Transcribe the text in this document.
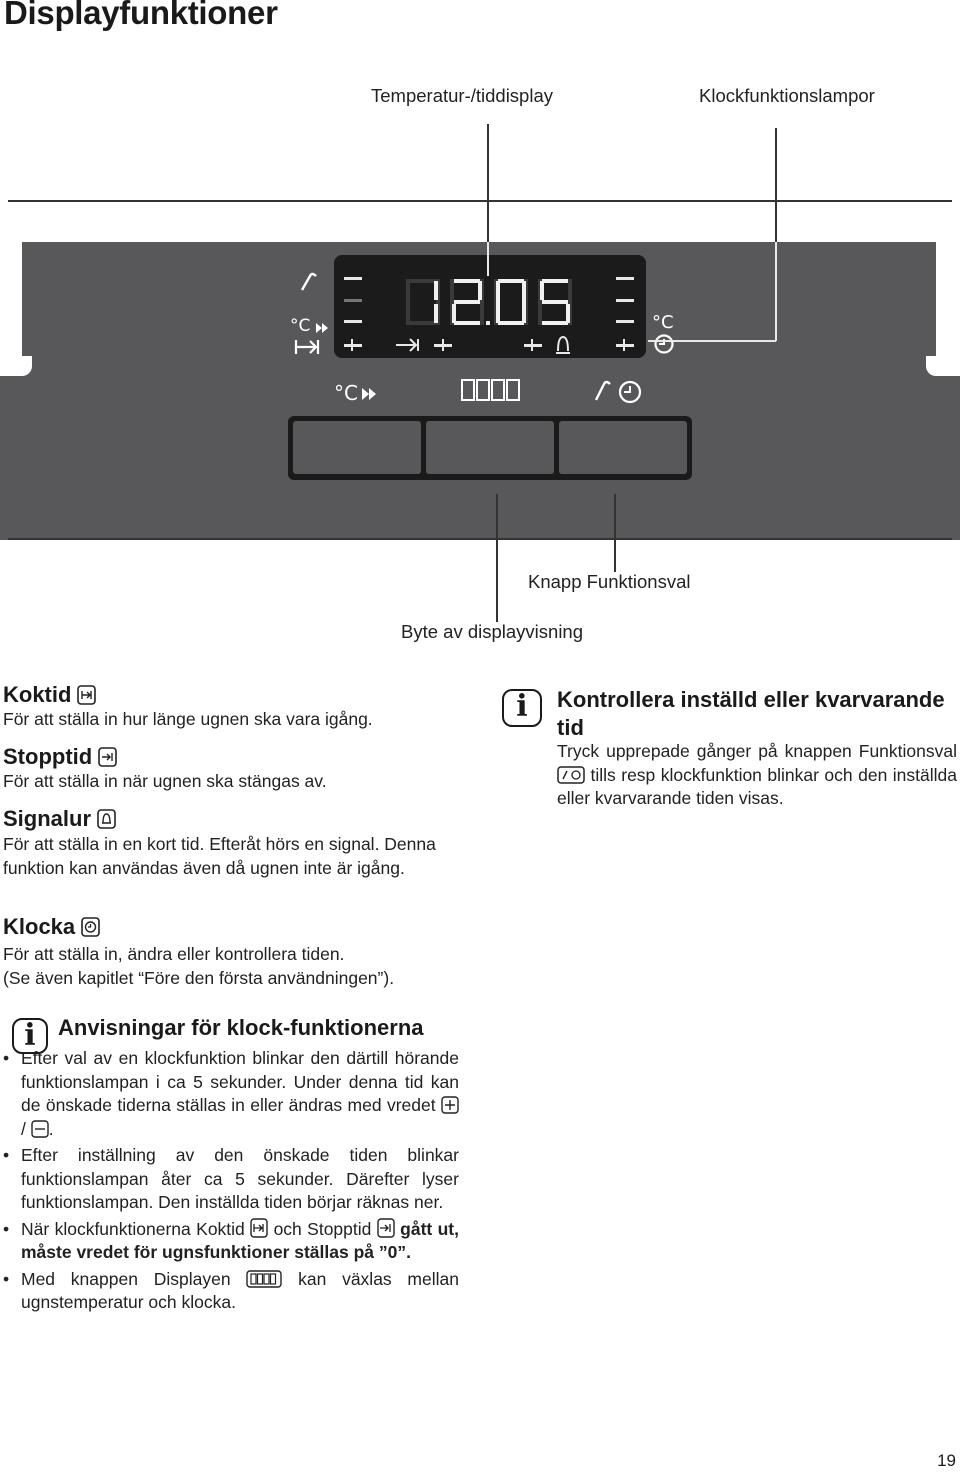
Displayfunktioner
Temperatur-/tiddisplay	Klockfunktionslampor
°C	°C
°C
Knapp Funktionsval
Byte av displayvisning
Koktid
För att ställa in hur länge ugnen ska vara igång.
Stopptid
För att ställa in när ugnen ska stängas av.
Signalur
För att ställa in en kort tid. Efteråt hörs en signal. Denna funktion kan användas även då ugnen inte är igång.
Klocka
För att ställa in, ändra eller kontrollera tiden.
(Se även kapitlet “Före den första användningen”).
i	Kontrollera inställd eller kvarvarande tid
Tryck upprepade gånger på knappen Funktionsval  tills resp klockfunktion blinkar och den inställda eller kvarvarande tiden visas.
i	Anvisningar för klock-funktionerna
• Efter val av en klockfunktion blinkar den därtill hörande funktionslampan i ca 5 sekunder. Under denna tid kan de önskade tiderna ställas in eller ändras med vredet  / .
• Efter inställning av den önskade tiden blinkar funktionslampan åter ca 5 sekunder. Därefter lyser funktionslampan. Den inställda tiden börjar räknas ner.
• När klockfunktionerna Koktid och Stopptid gått ut, måste vredet för ugnsfunktioner ställas på ”0”.
• Med knappen Displayen	kan växlas mellan ugnstemperatur och klocka.
19
